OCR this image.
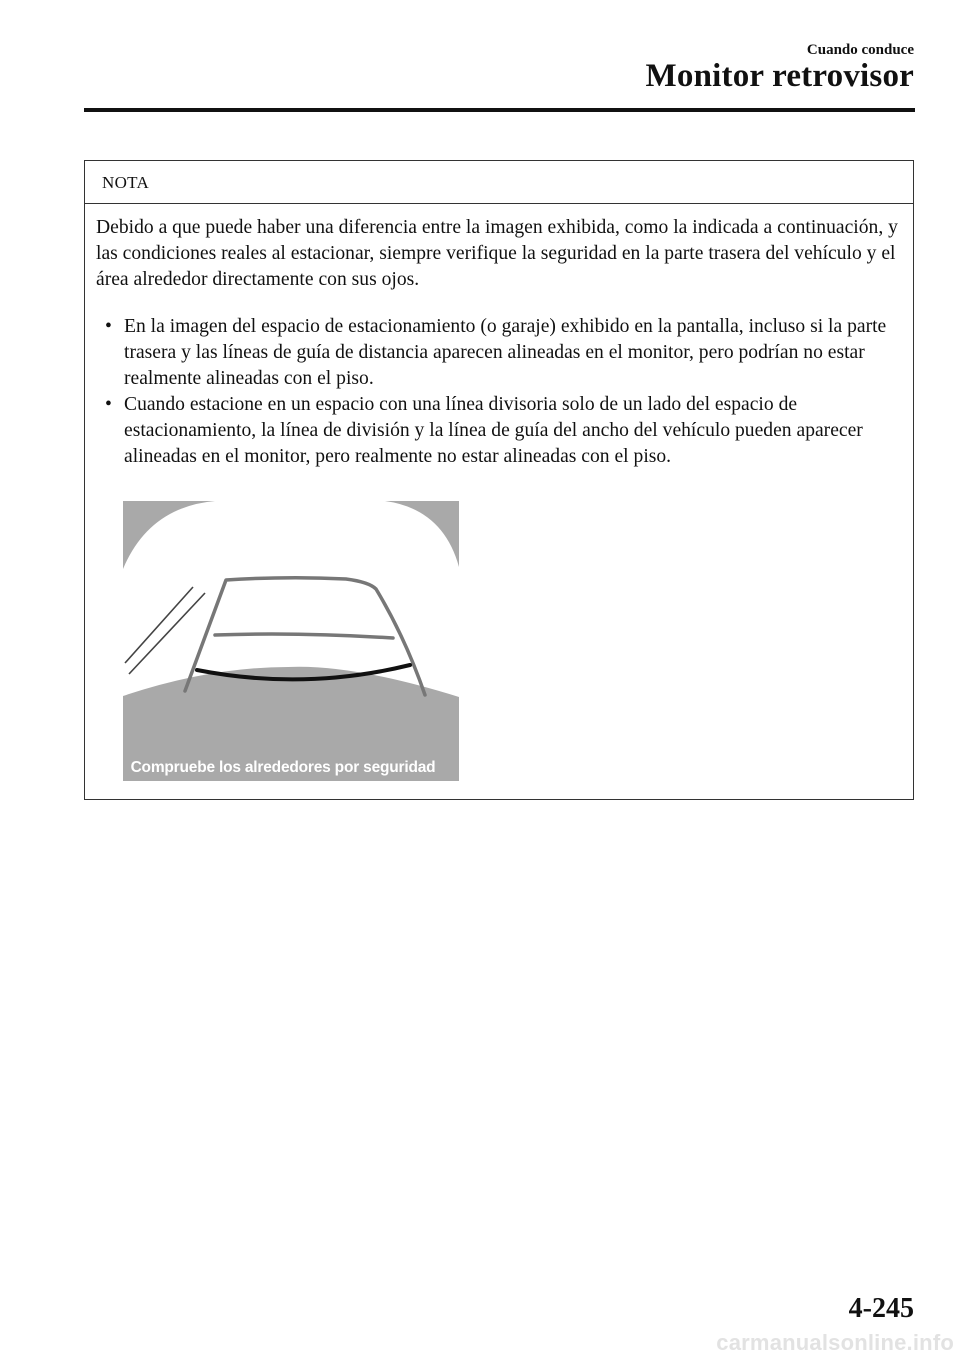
Cuando conduce
Monitor retrovisor
NOTA

Debido a que puede haber una diferencia entre la imagen exhibida, como la indicada a continuación, y las condiciones reales al estacionar, siempre verifique la seguridad en la parte trasera del vehículo y el área alrededor directamente con sus ojos.

• En la imagen del espacio de estacionamiento (o garaje) exhibido en la pantalla, incluso si la parte trasera y las líneas de guía de distancia aparecen alineadas en el monitor, pero podrían no estar realmente alineadas con el piso.
• Cuando estacione en un espacio con una línea divisoria solo de un lado del espacio de estacionamiento, la línea de división y la línea de guía del ancho del vehículo pueden aparecer alineadas en el monitor, pero realmente no estar alineadas con el piso.
Compruebe los alrededores por seguridad
4-245
carmanualsonline.info
